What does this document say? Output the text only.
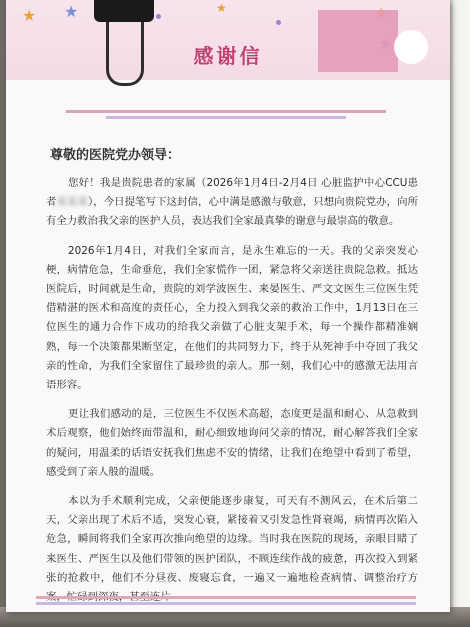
★ ★	★
感谢信
尊敬的医院党办领导：

您好！我是贵院患者的家属（2026年1月4日-2月4日 心脏监护中心CCU患者某某某），今日提笔写下这封信，心中满是感激与敬意，只想向贵院党办，向所有全力救治我父亲的医护人员，表达我们全家最真挚的谢意与最崇高的敬意。

2026年1月4日，对我们全家而言，是永生难忘的一天。我的父亲突发心梗，病情危急，生命垂危，我们全家慌作一团，紧急将父亲送往贵院急救。抵达医院后，时间就是生命，贵院的刘学波医生、来晏医生、严文文医生三位医生凭借精湛的医术和高度的责任心，全力投入到我父亲的救治工作中，1月13日在三位医生的通力合作下成功的给我父亲做了心脏支架手术，每一个操作都精准娴熟，每一个决策都果断坚定，在他们的共同努力下，终于从死神手中夺回了我父亲的性命，为我们全家留住了最珍贵的亲人。那一刻，我们心中的感激无法用言语形容。

更让我们感动的是，三位医生不仅医术高超，态度更是温和耐心、从急救到术后观察，他们始终面带温和，耐心细致地询问父亲的情况，耐心解答我们全家的疑问，用温柔的话语安抚我们焦虑不安的情绪，让我们在绝望中看到了希望，感受到了亲人般的温暖。

本以为手术顺利完成，父亲便能逐步康复，可天有不测风云，在术后第二天，父亲出现了术后不适，突发心衰，紧接着又引发急性肾衰竭，病情再次陷入危急，瞬间将我们全家再次推向绝望的边缘。当时我在医院的现场，亲眼目睹了来医生、严医生以及他们带领的医护团队，不顾连续作战的疲惫，再次投入到紧张的抢救中，他们不分昼夜、废寝忘食，一遍又一遍地检查病情、调整治疗方
